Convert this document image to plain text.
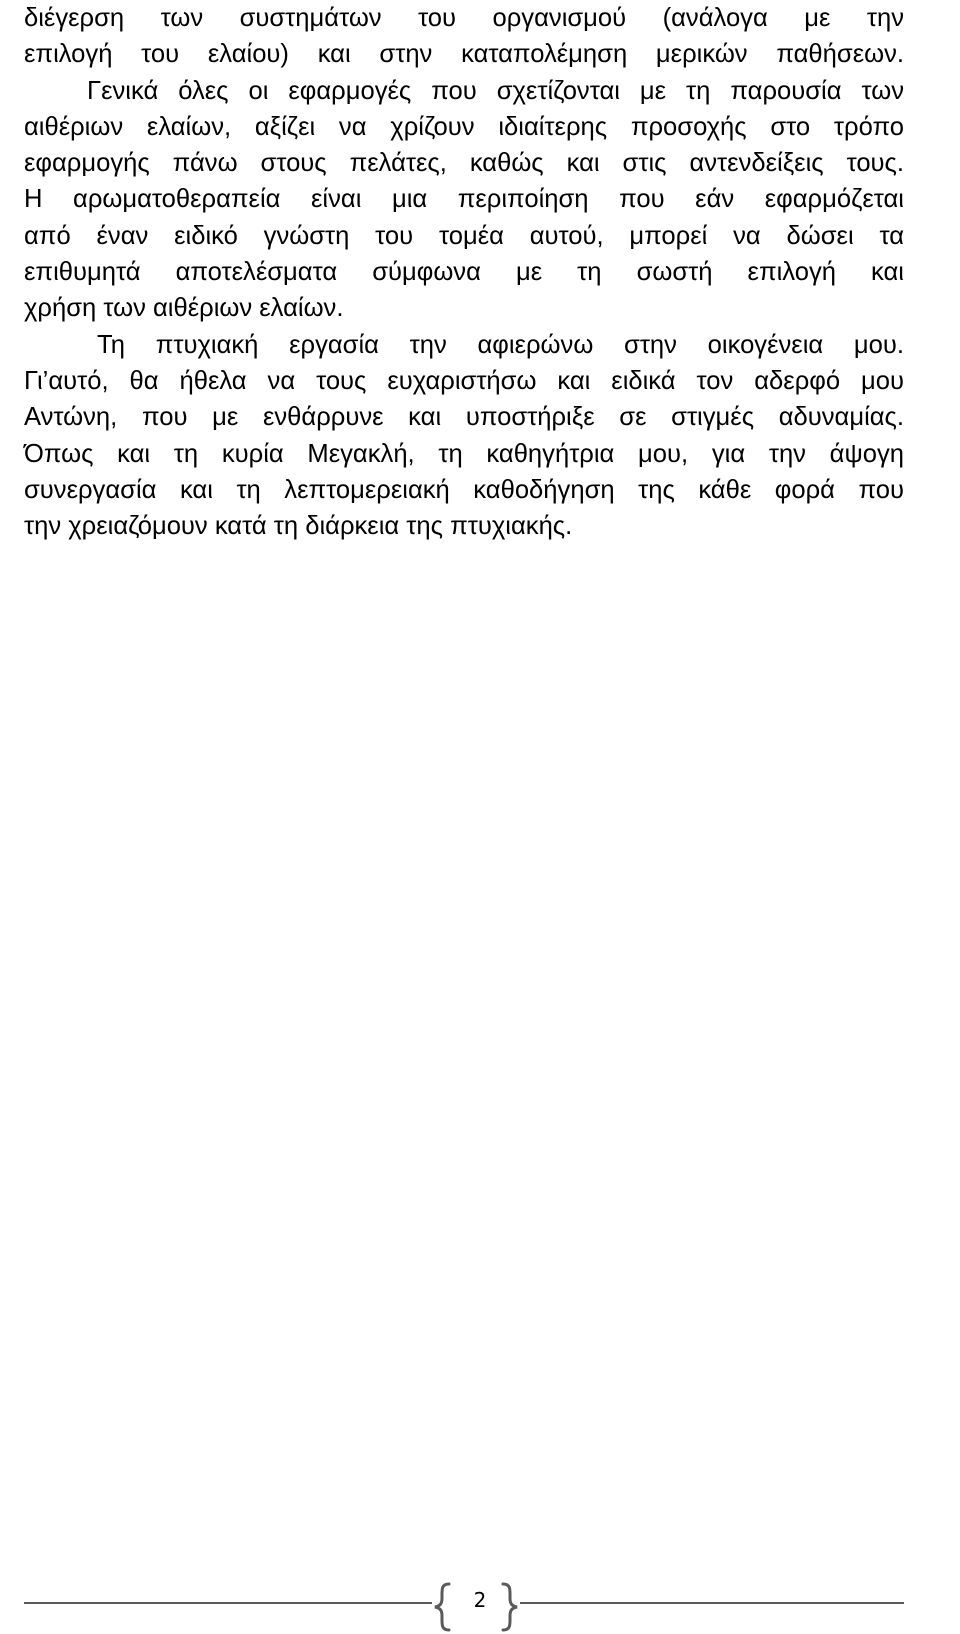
διέγερση των συστημάτων του οργανισμού (ανάλογα με την
επιλογή του ελαίου) και στην καταπολέμηση μερικών παθήσεων.
Γενικά όλες οι εφαρμογές που σχετίζονται με τη παρουσία των
αιθέριων ελαίων, αξίζει να χρίζουν ιδιαίτερης προσοχής στο τρόπο
εφαρμογής πάνω στους πελάτες, καθώς και στις αντενδείξεις τους.
Η αρωματοθεραπεία είναι μια περιποίηση που εάν εφαρμόζεται
από έναν ειδικό γνώστη του τομέα αυτού, μπορεί να δώσει τα
επιθυμητά αποτελέσματα σύμφωνα με τη σωστή επιλογή και
χρήση των αιθέριων ελαίων.
Τη πτυχιακή εργασία την αφιερώνω στην οικογένεια μου.
Γι’αυτό, θα ήθελα να τους ευχαριστήσω και ειδικά τον αδερφό μου
Αντώνη, που με ενθάρρυνε και υποστήριξε σε στιγμές αδυναμίας.
Όπως και τη κυρία Μεγακλή, τη καθηγήτρια μου, για την άψογη
συνεργασία και τη λεπτομερειακή καθοδήγηση της κάθε φορά που
την χρειαζόμουν κατά τη διάρκεια της πτυχιακής.
2
